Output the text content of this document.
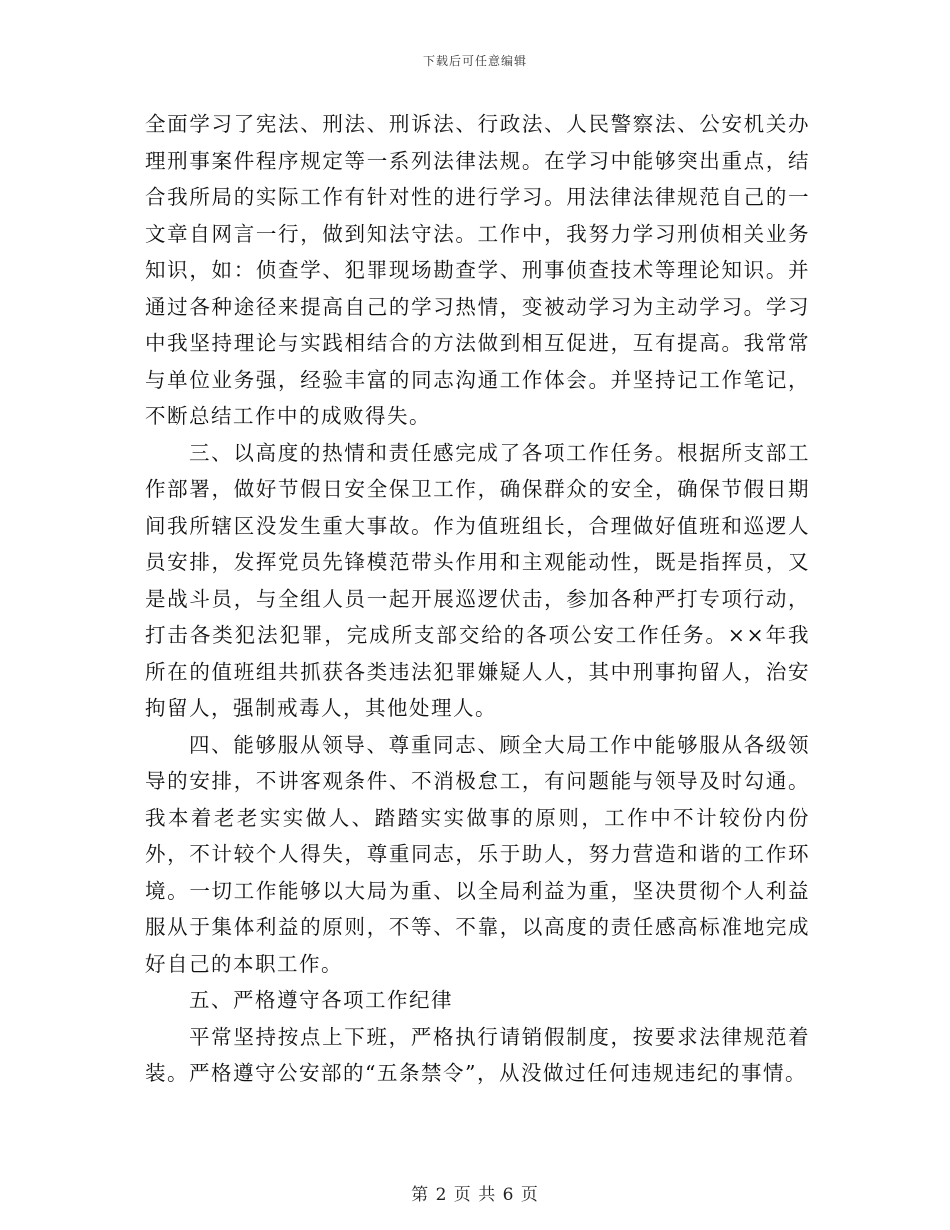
下载后可任意编辑

全面学习了宪法、刑法、刑诉法、行政法、人民警察法、公安机关办理刑事案件程序规定等一系列法律法规。在学习中能够突出重点，结合我所局的实际工作有针对性的进行学习。用法律法律规范自己的一文章自网言一行，做到知法守法。工作中，我努力学习刑侦相关业务知识，如：侦查学、犯罪现场勘查学、刑事侦查技术等理论知识。并通过各种途径来提高自己的学习热情，变被动学习为主动学习。学习中我坚持理论与实践相结合的方法做到相互促进，互有提高。我常常与单位业务强，经验丰富的同志沟通工作体会。并坚持记工作笔记，不断总结工作中的成败得失。

三、以高度的热情和责任感完成了各项工作任务。根据所支部工作部署，做好节假日安全保卫工作，确保群众的安全，确保节假日期间我所辖区没发生重大事故。作为值班组长，合理做好值班和巡逻人员安排，发挥党员先锋模范带头作用和主观能动性，既是指挥员，又是战斗员，与全组人员一起开展巡逻伏击，参加各种严打专项行动，打击各类犯法犯罪，完成所支部交给的各项公安工作任务。××年我所在的值班组共抓获各类违法犯罪嫌疑人人，其中刑事拘留人，治安拘留人，强制戒毒人，其他处理人。

四、能够服从领导、尊重同志、顾全大局工作中能够服从各级领导的安排，不讲客观条件、不消极怠工，有问题能与领导及时勾通。我本着老老实实做人、踏踏实实做事的原则，工作中不计较份内份外，不计较个人得失，尊重同志，乐于助人，努力营造和谐的工作环境。一切工作能够以大局为重、以全局利益为重，坚决贯彻个人利益服从于集体利益的原则，不等、不靠，以高度的责任感高标准地完成好自己的本职工作。

五、严格遵守各项工作纪律

平常坚持按点上下班，严格执行请销假制度，按要求法律规范着装。严格遵守公安部的“五条禁令”，从没做过任何违规违纪的事情。

第 2 页 共 6 页
